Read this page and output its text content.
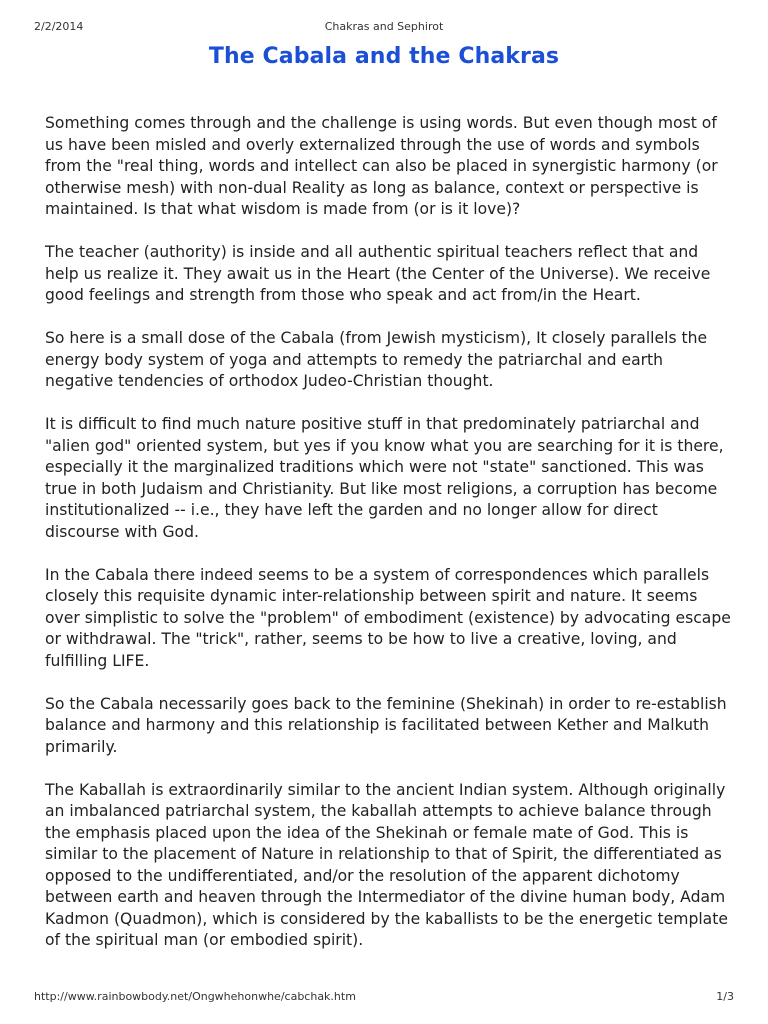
2/2/2014	Chakras and Sephirot
The Cabala and the Chakras

Something comes through and the challenge is using words. But even though most of us have been misled and overly externalized through the use of words and symbols from the "real thing, words and intellect can also be placed in synergistic harmony (or otherwise mesh) with non-dual Reality as long as balance, context or perspective is maintained. Is that what wisdom is made from (or is it love)?

The teacher (authority) is inside and all authentic spiritual teachers reflect that and help us realize it. They await us in the Heart (the Center of the Universe). We receive good feelings and strength from those who speak and act from/in the Heart.

So here is a small dose of the Cabala (from Jewish mysticism), It closely parallels the energy body system of yoga and attempts to remedy the patriarchal and earth negative tendencies of orthodox Judeo-Christian thought.

It is difficult to find much nature positive stuff in that predominately patriarchal and "alien god" oriented system, but yes if you know what you are searching for it is there, especially it the marginalized traditions which were not "state" sanctioned. This was true in both Judaism and Christianity. But like most religions, a corruption has become institutionalized -- i.e., they have left the garden and no longer allow for direct discourse with God.

In the Cabala there indeed seems to be a system of correspondences which parallels closely this requisite dynamic inter-relationship between spirit and nature. It seems over simplistic to solve the "problem" of embodiment (existence) by advocating escape or withdrawal. The "trick", rather, seems to be how to live a creative, loving, and fulfilling LIFE.

So the Cabala necessarily goes back to the feminine (Shekinah) in order to re-establish balance and harmony and this relationship is facilitated between Kether and Malkuth primarily.

The Kaballah is extraordinarily similar to the ancient Indian system. Although originally an imbalanced patriarchal system, the kaballah attempts to achieve balance through the emphasis placed upon the idea of the Shekinah or female mate of God. This is similar to the placement of Nature in relationship to that of Spirit, the differentiated as opposed to the undifferentiated, and/or the resolution of the apparent dichotomy between earth and heaven through the Intermediator of the divine human body, Adam Kadmon (Quadmon), which is considered by the kaballists to be the energetic template of the spiritual man (or embodied spirit).

http://www.rainbowbody.net/Ongwhehonwhe/cabchak.htm	1/3
